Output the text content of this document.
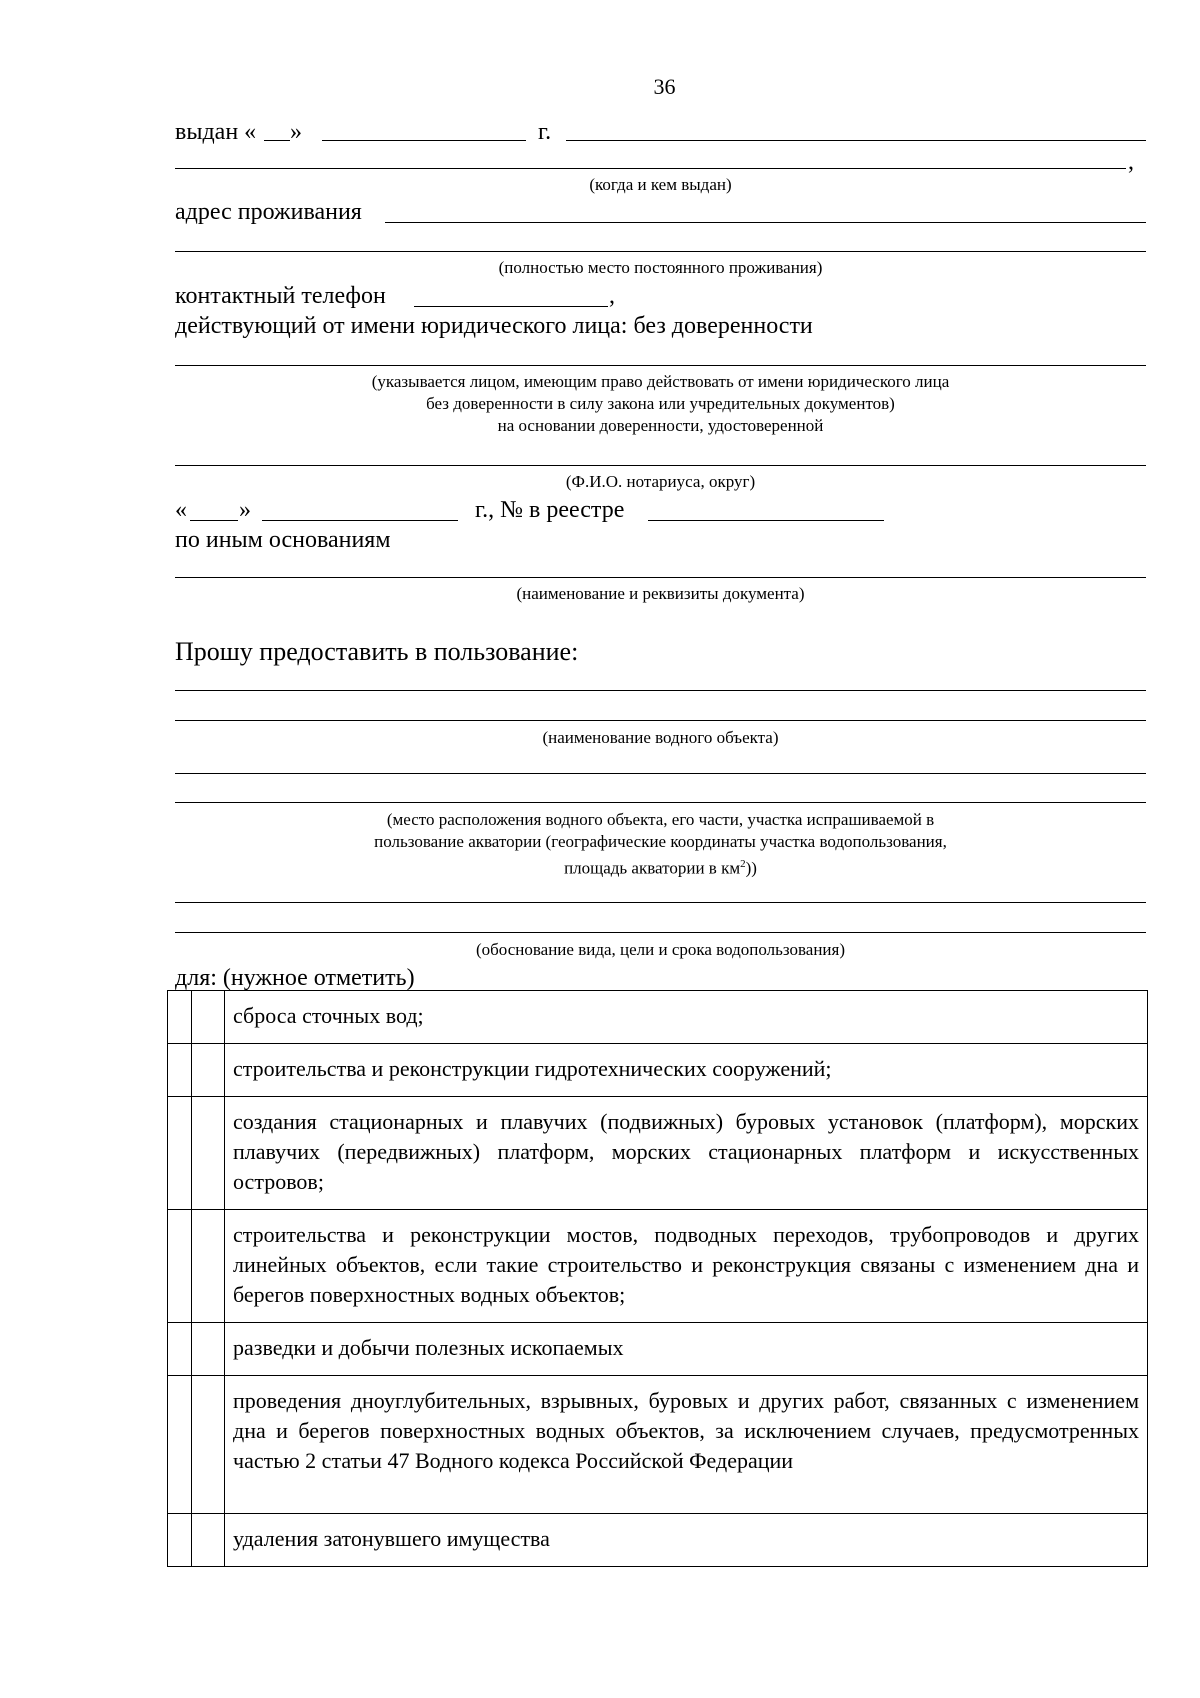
36
выдан « »	г.
,
(когда и кем выдан)
адрес проживания
(полностью место постоянного проживания)
контактный телефон	,
действующий от имени юридического лица: без доверенности
(указывается лицом, имеющим право действовать от имени юридического лица
без доверенности в силу закона или учредительных документов)
на основании доверенности, удостоверенной
(Ф.И.О. нотариуса, округ)
« »	г., № в реестре
по иным основаниям
(наименование и реквизиты документа)
Прошу предоставить в пользование:
(наименование водного объекта)
(место расположения водного объекта, его части, участка испрашиваемой в
пользование акватории (географические координаты участка водопользования,
площадь акватории в $км^2$))
(обоснование вида, цели и срока водопользования)
для: (нужное отметить)
		сброса сточных вод;
		строительства и реконструкции гидротехнических сооружений;
		создания стационарных и плавучих (подвижных) буровых установок (платформ), морских плавучих (передвижных) платформ, морских стационарных платформ и искусственных островов;
		строительства и реконструкции мостов, подводных переходов, трубопроводов и других линейных объектов, если такие строительство и реконструкция связаны с изменением дна и берегов поверхностных водных объектов;
		разведки и добычи полезных ископаемых
		проведения дноуглубительных, взрывных, буровых и других работ, связанных с изменением дна и берегов поверхностных водных объектов, за исключением случаев, предусмотренных частью 2 статьи 47 Водного кодекса Российской Федерации
		удаления затонувшего имущества
